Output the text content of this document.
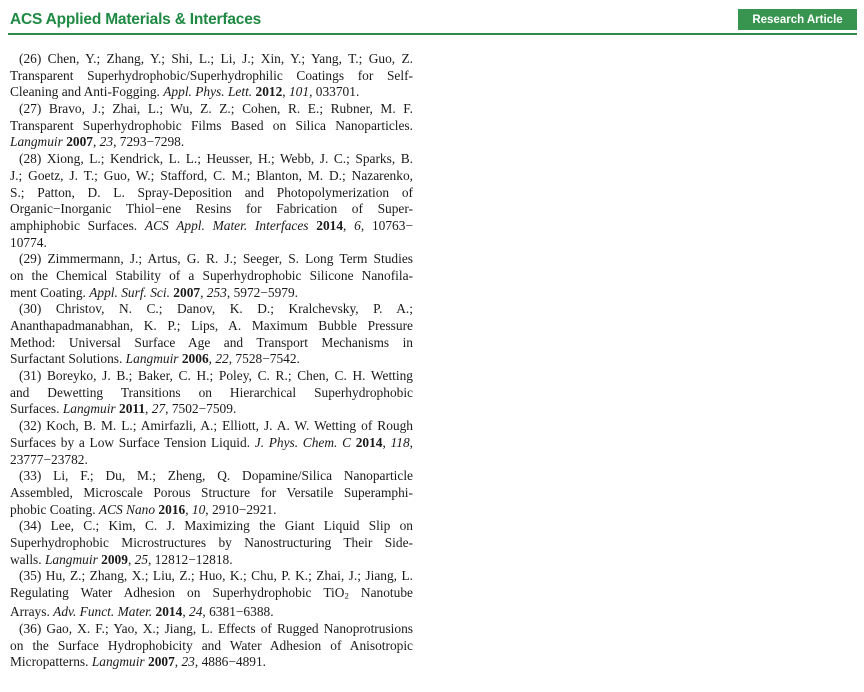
ACS Applied Materials & Interfaces	Research Article
(26) Chen, Y.; Zhang, Y.; Shi, L.; Li, J.; Xin, Y.; Yang, T.; Guo, Z.
Transparent Superhydrophobic/Superhydrophilic Coatings for Self-
Cleaning and Anti-Fogging. Appl. Phys. Lett. 2012, 101, 033701.
(27) Bravo, J.; Zhai, L.; Wu, Z. Z.; Cohen, R. E.; Rubner, M. F.
Transparent Superhydrophobic Films Based on Silica Nanoparticles.
Langmuir 2007, 23, 7293−7298.
(28) Xiong, L.; Kendrick, L. L.; Heusser, H.; Webb, J. C.; Sparks, B.
J.; Goetz, J. T.; Guo, W.; Stafford, C. M.; Blanton, M. D.; Nazarenko,
S.; Patton, D. L. Spray-Deposition and Photopolymerization of
Organic−Inorganic Thiol−ene Resins for Fabrication of Super-
amphiphobic Surfaces. ACS Appl. Mater. Interfaces 2014, 6, 10763−
10774.
(29) Zimmermann, J.; Artus, G. R. J.; Seeger, S. Long Term Studies
on the Chemical Stability of a Superhydrophobic Silicone Nanofila-
ment Coating. Appl. Surf. Sci. 2007, 253, 5972−5979.
(30) Christov, N. C.; Danov, K. D.; Kralchevsky, P. A.;
Ananthapadmanabhan, K. P.; Lips, A. Maximum Bubble Pressure
Method: Universal Surface Age and Transport Mechanisms in
Surfactant Solutions. Langmuir 2006, 22, 7528−7542.
(31) Boreyko, J. B.; Baker, C. H.; Poley, C. R.; Chen, C. H. Wetting
and Dewetting Transitions on Hierarchical Superhydrophobic
Surfaces. Langmuir 2011, 27, 7502−7509.
(32) Koch, B. M. L.; Amirfazli, A.; Elliott, J. A. W. Wetting of Rough
Surfaces by a Low Surface Tension Liquid. J. Phys. Chem. C 2014, 118,
23777−23782.
(33) Li, F.; Du, M.; Zheng, Q. Dopamine/Silica Nanoparticle
Assembled, Microscale Porous Structure for Versatile Superamphi-
phobic Coating. ACS Nano 2016, 10, 2910−2921.
(34) Lee, C.; Kim, C. J. Maximizing the Giant Liquid Slip on
Superhydrophobic Microstructures by Nanostructuring Their Side-
walls. Langmuir 2009, 25, 12812−12818.
(35) Hu, Z.; Zhang, X.; Liu, Z.; Huo, K.; Chu, P. K.; Zhai, J.; Jiang, L.
Regulating Water Adhesion on Superhydrophobic TiO2 Nanotube
Arrays. Adv. Funct. Mater. 2014, 24, 6381−6388.
(36) Gao, X. F.; Yao, X.; Jiang, L. Effects of Rugged Nanoprotrusions
on the Surface Hydrophobicity and Water Adhesion of Anisotropic
Micropatterns. Langmuir 2007, 23, 4886−4891.
